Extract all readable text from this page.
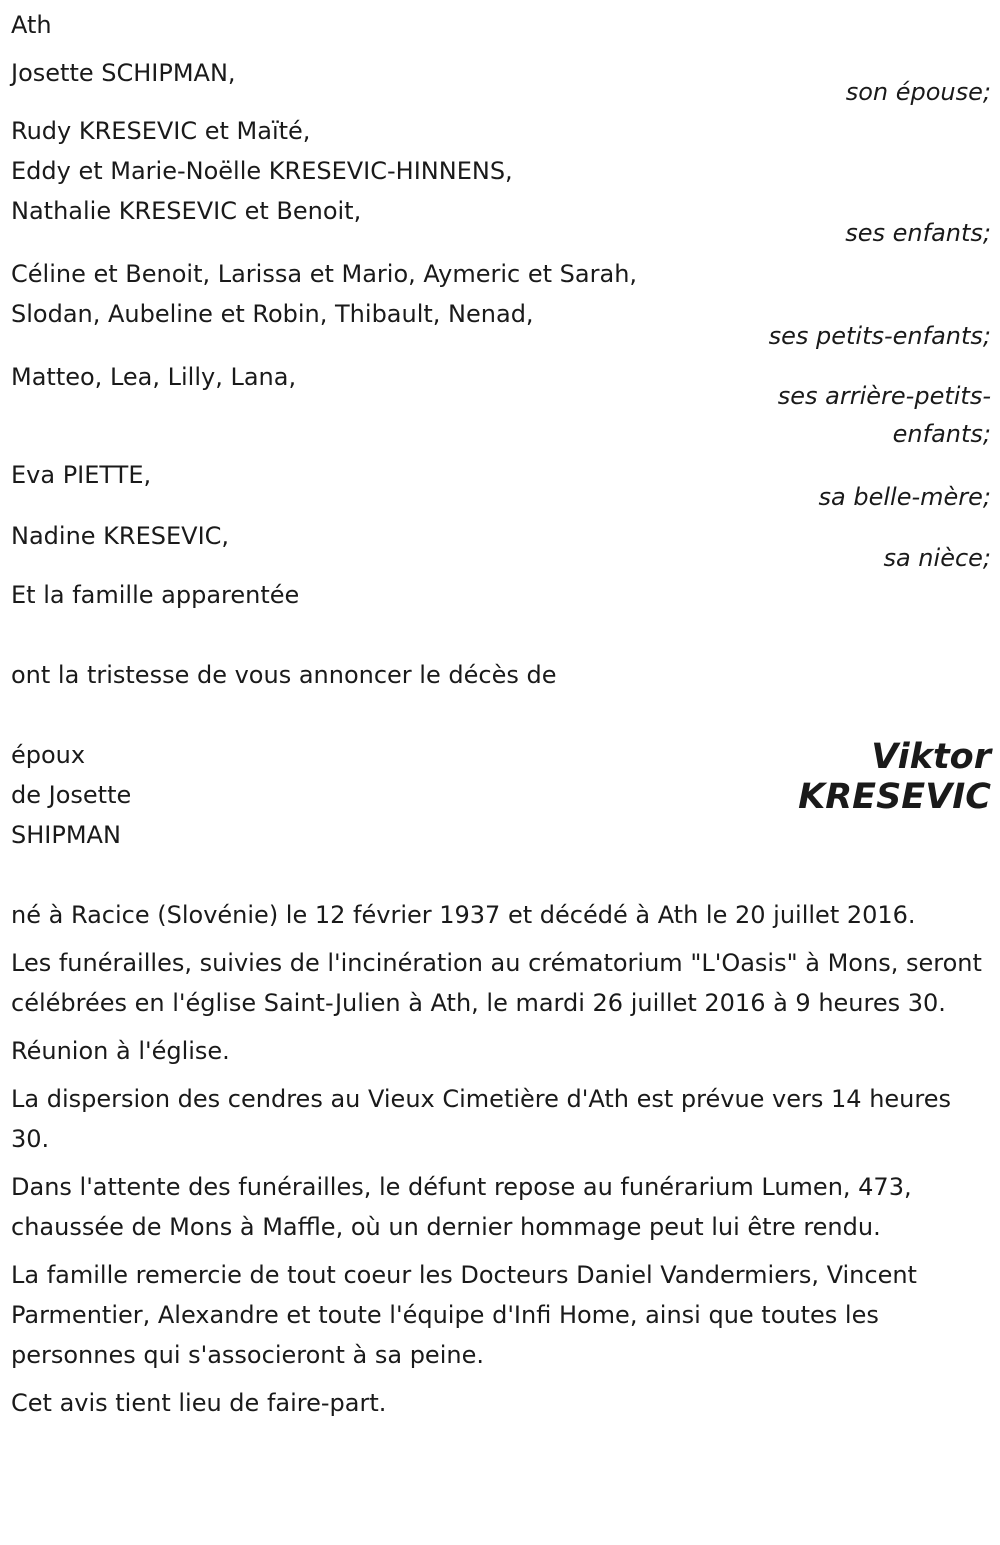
Ath
Josette SCHIPMAN,
son épouse;
Rudy KRESEVIC et Maïté,
Eddy et Marie-Noëlle KRESEVIC-HINNENS,
Nathalie KRESEVIC et Benoit,
ses enfants;
Céline et Benoit, Larissa et Mario, Aymeric et Sarah,
Slodan, Aubeline et Robin, Thibault, Nenad,
ses petits-enfants;
Matteo, Lea, Lilly, Lana,
ses arrière-petits-
enfants;
Eva PIETTE,
sa belle-mère;
Nadine KRESEVIC,
sa nièce;
Et la famille apparentée
ont la tristesse de vous annoncer le décès de
époux
de Josette
SHIPMAN
Viktor
KRESEVIC
né à Racice (Slovénie) le 12 février 1937 et décédé à Ath le 20 juillet 2016.
Les funérailles, suivies de l'incinération au crématorium "L'Oasis" à Mons, seront célébrées en l'église Saint-Julien à Ath, le mardi 26 juillet 2016 à 9 heures 30.
Réunion à l'église.
La dispersion des cendres au Vieux Cimetière d'Ath est prévue vers 14 heures 30.
Dans l'attente des funérailles, le défunt repose au funérarium Lumen, 473, chaussée de Mons à Maffle, où un dernier hommage peut lui être rendu.
La famille remercie de tout coeur les Docteurs Daniel Vandermiers, Vincent Parmentier, Alexandre et toute l'équipe d'Infi Home, ainsi que toutes les personnes qui s'associeront à sa peine.
Cet avis tient lieu de faire-part.
